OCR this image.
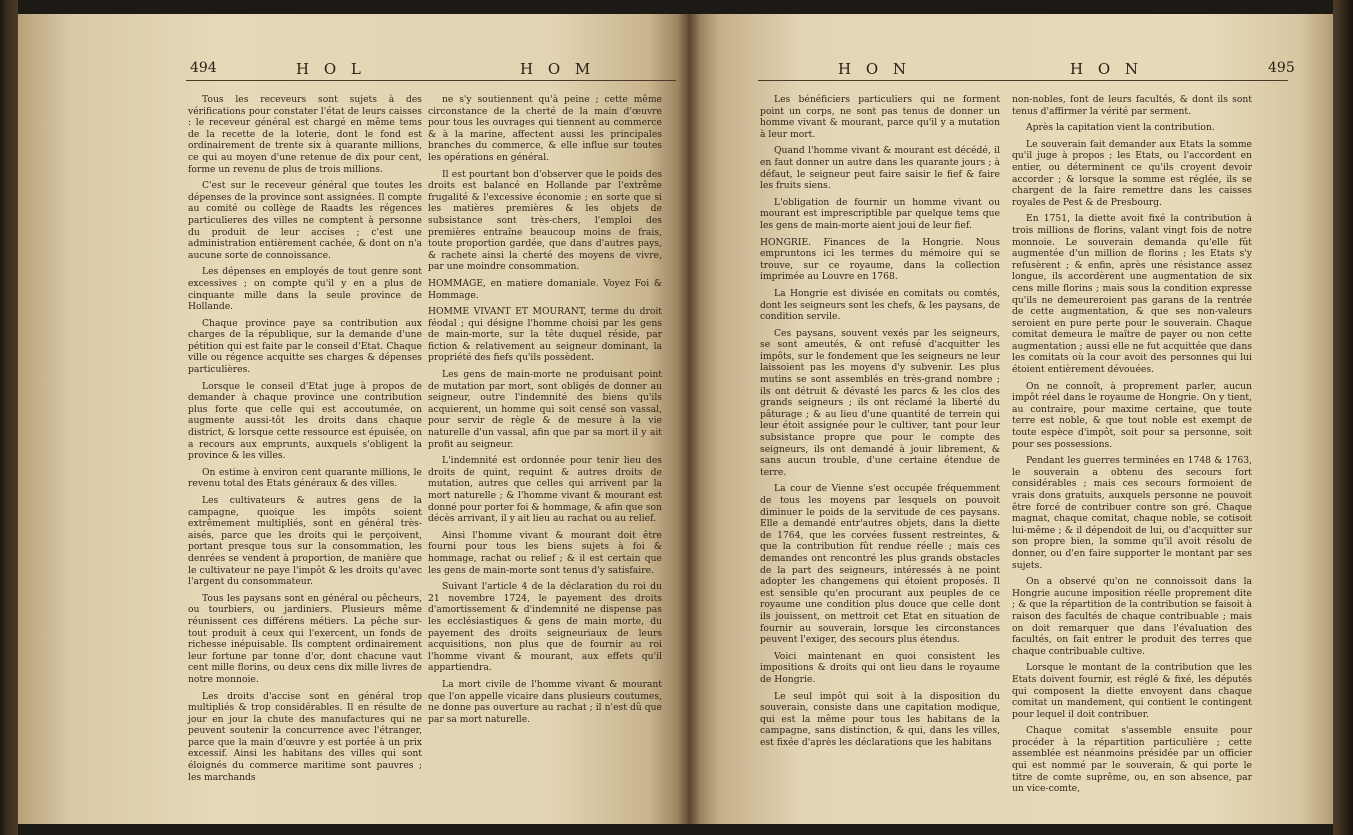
494	H O L	H O M

Tous les receveurs sont sujets à des vérifications pour constater l'état de leurs caisses : le receveur général est chargé en même tems de la recette de la loterie, dont le fond est ordinairement de trente six à quarante millions, ce qui au moyen d'une retenue de dix pour cent, forme un revenu de plus de trois millions.

C'est sur le receveur général que toutes les dépenses de la province sont assignées. Il compte au comité ou collège de Raadts les régences particulieres des villes ne comptent à personne du produit de leur accises ; c'est une administration entièrement cachée, & dont on n'a aucune sorte de connoissance.

Les dépenses en employés de tout genre sont excessives ; on compte qu'il y en a plus de cinquante mille dans la seule province de Hollande.

Chaque province paye sa contribution aux charges de la république, sur la demande d'une pétition qui est faite par le conseil d'Etat. Chaque ville ou régence acquitte ses charges & dépenses particulières.

Lorsque le conseil d'Etat juge à propos de demander à chaque province une contribution plus forte que celle qui est accoutumée, on augmente aussi-tôt les droits dans chaque district, & lorsque cette ressource est épuisée, on a recours aux emprunts, auxquels s'obligent la province & les villes.

On estime à environ cent quarante millions, le revenu total des Etats généraux & des villes.

Les cultivateurs & autres gens de la campagne, quoique les impôts soient extrêmement multipliés, sont en général très-aisés, parce que les droits qui le perçoivent, portant presque tous sur la consommation, les denrées se vendent à proportion, de manière que le cultivateur ne paye l'impôt & les droits qu'avec l'argent du consommateur.

Tous les paysans sont en général ou pêcheurs, ou tourbiers, ou jardiniers. Plusieurs même réunissent ces différens métiers. La pêche sur-tout produit à ceux qui l'exercent, un fonds de richesse inépuisable. Ils comptent ordinairement leur fortune par tonne d'or, dont chacune vaut cent mille florins, ou deux cens dix mille livres de notre monnoie.

Les droits d'accise sont en général trop multipliés & trop considérables. Il en résulte de jour en jour la chute des manufactures qui ne peuvent soutenir la concurrence avec l'étranger, parce que la main d'œuvre y est portée à un prix excessif. Ainsi les habitans des villes qui sont éloignés du commerce maritime sont pauvres ; les marchands

ne s'y soutiennent qu'à peine ; cette même circonstance de la cherté de la main d'œuvre pour tous les ouvrages qui tiennent au commerce & à la marine, affectent aussi les principales branches du commerce, & elle influe sur toutes les opérations en général.

Il est pourtant bon d'observer que le poids des droits est balancé en Hollande par l'extrême frugalité & l'excessive économie ; en sorte que si les matières premières & les objets de subsistance sont très-chers, l'emploi des premières entraîne beaucoup moins de frais, toute proportion gardée, que dans d'autres pays, & rachete ainsi la cherté des moyens de vivre, par une moindre consommation.

HOMMAGE, en matiere domaniale. Voyez Foi & Hommage.

HOMME VIVANT ET MOURANT, terme du droit féodal ; qui désigne l'homme choisi par les gens de main-morte, sur la tête duquel réside, par fiction & relativement au seigneur dominant, la propriété des fiefs qu'ils possèdent.

Les gens de main-morte ne produisant point de mutation par mort, sont obligés de donner au seigneur, outre l'indemnité des biens qu'ils acquierent, un homme qui soit censé son vassal, pour servir de règle & de mesure à la vie naturelle d'un vassal, afin que par sa mort il y ait profit au seigneur.

L'indemnité est ordonnée pour tenir lieu des droits de quint, requint & autres droits de mutation, autres que celles qui arrivent par la mort naturelle ; & l'homme vivant & mourant est donné pour porter foi & hommage, & afin que son décès arrivant, il y ait lieu au rachat ou au relief.

Ainsi l'homme vivant & mourant doit être fourni pour tous les biens sujets à foi & hommage, rachat ou relief ; & il est certain que les gens de main-morte sont tenus d'y satisfaire.

Suivant l'article 4 de la déclaration du roi du 21 novembre 1724, le payement des droits d'amortissement & d'indemnité ne dispense pas les ecclésiastiques & gens de main morte, du payement des droits seigneuriaux de leurs acquisitions, non plus que de fournir au roi l'homme vivant & mourant, aux effets qu'il appartiendra.

La mort civile de l'homme vivant & mourant que l'on appelle vicaire dans plusieurs coutumes, ne donne pas ouverture au rachat ; il n'est dû que par sa mort naturelle.

H O N	H O N	495

Les bénéficiers particuliers qui ne forment point un corps, ne sont pas tenus de donner un homme vivant & mourant, parce qu'il y a mutation à leur mort.

Quand l'homme vivant & mourant est décédé, il en faut donner un autre dans les quarante jours ; à défaut, le seigneur peut faire saisir le fief & faire les fruits siens.

L'obligation de fournir un homme vivant ou mourant est imprescriptible par quelque tems que les gens de main-morte aient joui de leur fief.

HONGRIE. Finances de la Hongrie. Nous empruntons ici les termes du mémoire qui se trouve, sur ce royaume, dans la collection imprimée au Louvre en 1768.

La Hongrie est divisée en comitats ou comtés, dont les seigneurs sont les chefs, & les paysans, de condition servile.

Ces paysans, souvent vexés par les seigneurs, se sont ameutés, & ont refusé d'acquitter les impôts, sur le fondement que les seigneurs ne leur laissoient pas les moyens d'y subvenir. Les plus mutins se sont assemblés en très-grand nombre ; ils ont détruit & dévasté les parcs & les clos des grands seigneurs ; ils ont réclamé la liberté du pâturage ; & au lieu d'une quantité de terrein qui leur étoit assignée pour le cultiver, tant pour leur subsistance propre que pour le compte des seigneurs, ils ont demandé à jouir librement, & sans aucun trouble, d'une certaine étendue de terre.

La cour de Vienne s'est occupée fréquemment de tous les moyens par lesquels on pouvoit diminuer le poids de la servitude de ces paysans. Elle a demandé entr'autres objets, dans la diette de 1764, que les corvées fussent restreintes, & que la contribution fût rendue réelle ; mais ces demandes ont rencontré les plus grands obstacles de la part des seigneurs, intéressés à ne point adopter les changemens qui étoient proposés. Il est sensible qu'en procurant aux peuples de ce royaume une condition plus douce que celle dont ils jouissent, on mettroit cet Etat en situation de fournir au souverain, lorsque les circonstances peuvent l'exiger, des secours plus étendus.

Voici maintenant en quoi consistent les impositions & droits qui ont lieu dans le royaume de Hongrie.

Le seul impôt qui soit à la disposition du souverain, consiste dans une capitation modique, qui est la même pour tous les habitans de la campagne, sans distinction, & qui, dans les villes, est fixée d'après les déclarations que les habitans

non-nobles, font de leurs facultés, & dont ils sont tenus d'affirmer la vérité par serment.

Après la capitation vient la contribution.

Le souverain fait demander aux Etats la somme qu'il juge à propos ; les Etats, ou l'accordent en entier, ou déterminent ce qu'ils croyent devoir accorder ; & lorsque la somme est réglée, ils se chargent de la faire remettre dans les caisses royales de Pest & de Presbourg.

En 1751, la diette avoit fixé la contribution à trois millions de florins, valant vingt fois de notre monnoie. Le souverain demanda qu'elle fût augmentée d'un million de florins ; les Etats s'y refusèrent ; & enfin, après une résistance assez longue, ils accordèrent une augmentation de six cens mille florins ; mais sous la condition expresse qu'ils ne demeureroient pas garans de la rentrée de cette augmentation, & que ses non-valeurs seroient en pure perte pour le souverain. Chaque comitat demeura le maître de payer ou non cette augmentation ; aussi elle ne fut acquittée que dans les comitats où la cour avoit des personnes qui lui étoient entièrement dévouées.

On ne connoît, à proprement parler, aucun impôt réel dans le royaume de Hongrie. On y tient, au contraire, pour maxime certaine, que toute terre est noble, & que tout noble est exempt de toute espèce d'impôt, soit pour sa personne, soit pour ses possessions.

Pendant les guerres terminées en 1748 & 1763, le souverain a obtenu des secours fort considérables ; mais ces secours formoient de vrais dons gratuits, auxquels personne ne pouvoit être forcé de contribuer contre son gré. Chaque magnat, chaque comitat, chaque noble, se cotisoit lui-même ; & il dépendoit de lui, ou d'acquitter sur son propre bien, la somme qu'il avoit résolu de donner, ou d'en faire supporter le montant par ses sujets.

On a observé qu'on ne connoissoit dans la Hongrie aucune imposition réelle proprement dite ; & que la répartition de la contribution se faisoit à raison des facultés de chaque contribuable ; mais on doit remarquer que dans l'évaluation des facultés, on fait entrer le produit des terres que chaque contribuable cultive.

Lorsque le montant de la contribution que les Etats doivent fournir, est réglé & fixé, les députés qui composent la diette envoyent dans chaque comitat un mandement, qui contient le contingent pour lequel il doit contribuer.

Chaque comitat s'assemble ensuite pour procéder à la répartition particulière ; cette assemblée est néanmoins présidée par un officier qui est nommé par le souverain, & qui porte le titre de comte suprême, ou, en son absence, par un vice-comte,
